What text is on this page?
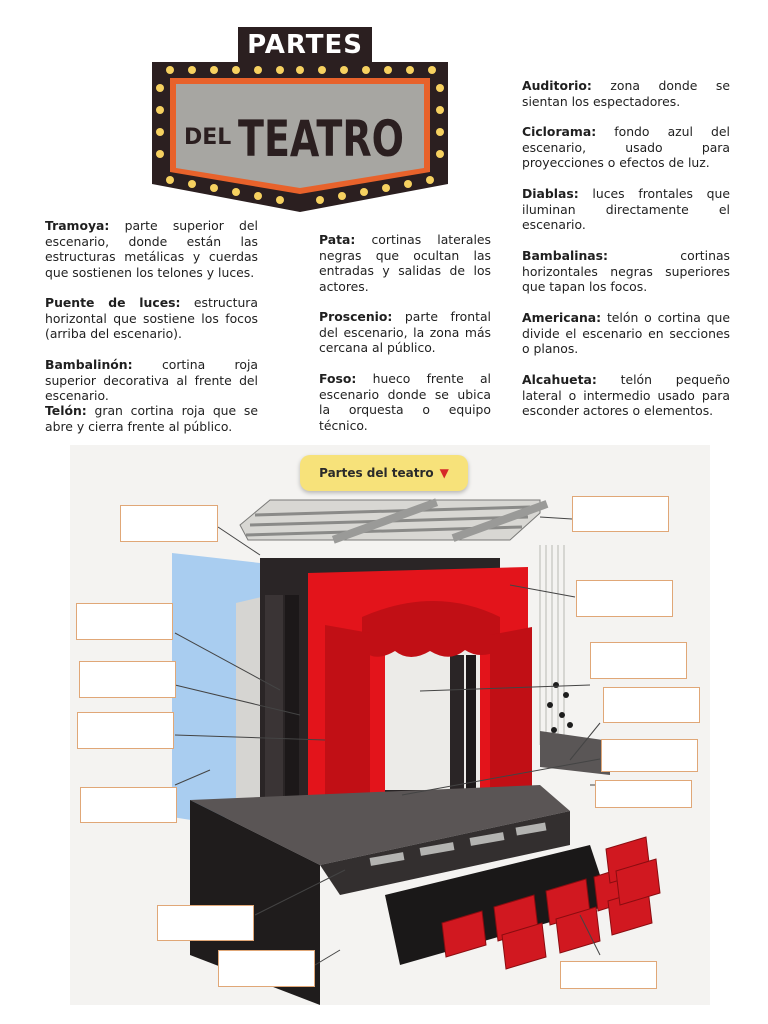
PARTES
DEL TEATRO
Tramoya: parte superior del escenario, donde están las estructuras metálicas y cuerdas que sostienen los telones y luces.
Puente de luces: estructura horizontal que sostiene los focos (arriba del escenario).
Bambalinón: cortina roja superior decorativa al frente del escenario.
Telón: gran cortina roja que se abre y cierra frente al público.
Pata: cortinas laterales negras que ocultan las entradas y salidas de los actores.
Proscenio: parte frontal del escenario, la zona más cercana al público.
Foso: hueco frente al escenario donde se ubica la orquesta o equipo técnico.
Auditorio: zona donde se sientan los espectadores.
Ciclorama: fondo azul del escenario, usado para proyecciones o efectos de luz.
Diablas: luces frontales que iluminan directamente el escenario.
Bambalinas: cortinas horizontales negras superiores que tapan los focos.
Americana: telón o cortina que divide el escenario en secciones o planos.
Alcahueta: telón pequeño lateral o intermedio usado para esconder actores o elementos.
Partes del teatro ▼
